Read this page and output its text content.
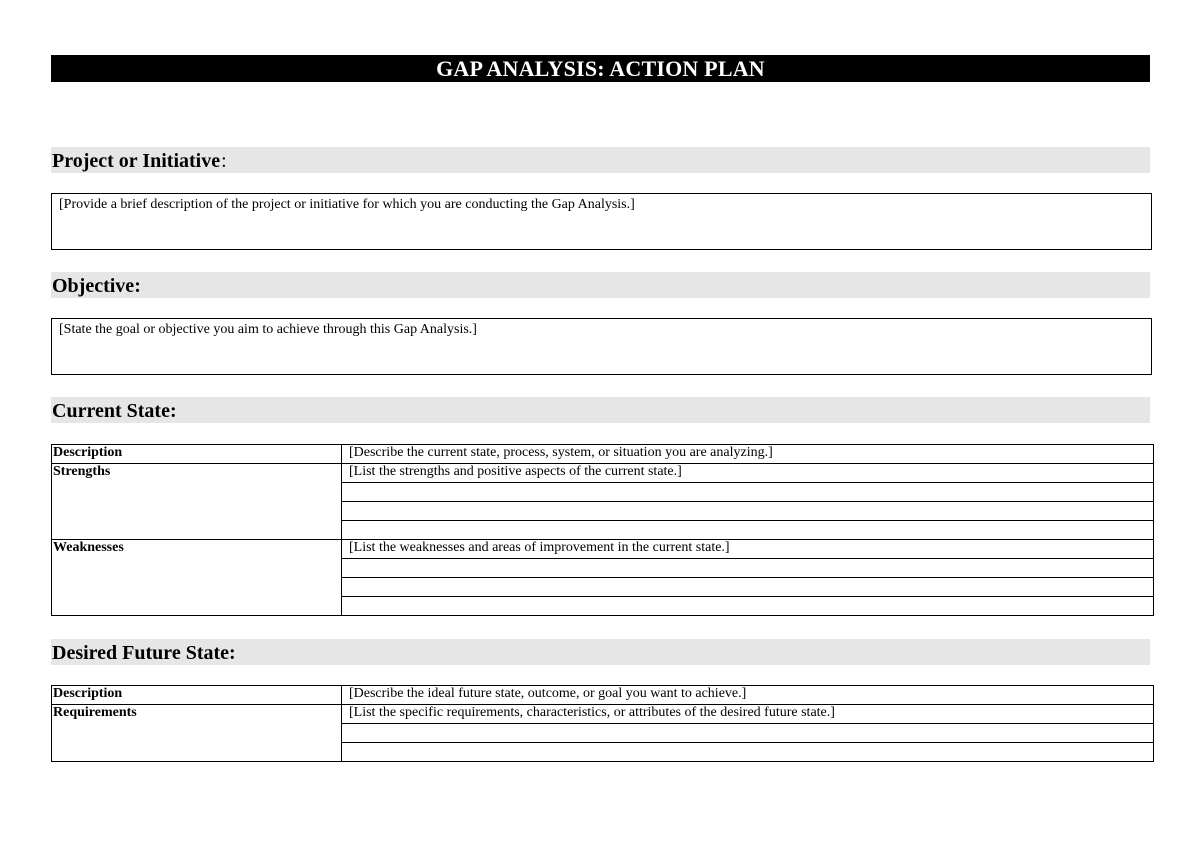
GAP ANALYSIS: ACTION PLAN
Project or Initiative:
[Provide a brief description of the project or initiative for which you are conducting the Gap Analysis.]
Objective:
[State the goal or objective you aim to achieve through this Gap Analysis.]
Current State:
Description	[Describe the current state, process, system, or situation you are analyzing.]
Strengths	[List the strengths and positive aspects of the current state.]

Weaknesses	[List the weaknesses and areas of improvement in the current state.]

Desired Future State:
Description	[Describe the ideal future state, outcome, or goal you want to achieve.]
Requirements	[List the specific requirements, characteristics, or attributes of the desired future state.]
